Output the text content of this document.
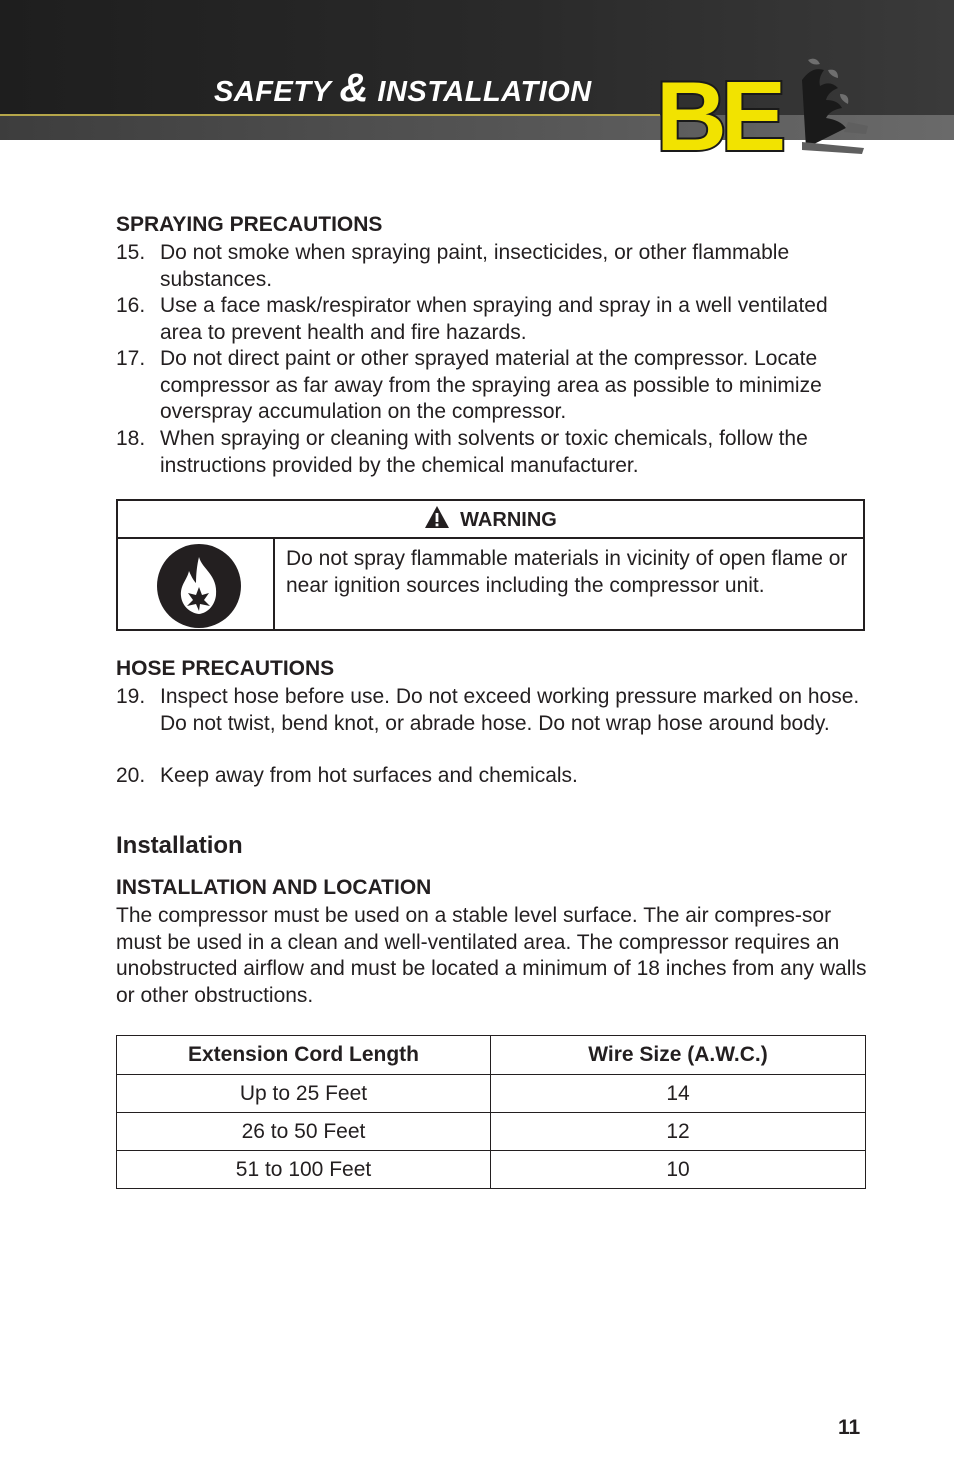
SAFETY & INSTALLATION BE
SPRAYING PRECAUTIONS
15. Do not smoke when spraying paint, insecticides, or other flammable substances.
16. Use a face mask/respirator when spraying and spray in a well ventilated area to prevent health and fire hazards.
17. Do not direct paint or other sprayed material at the compressor. Locate compressor as far away from the spraying area as possible to minimize overspray accumulation on the compressor.
18. When spraying or cleaning with solvents or toxic chemicals, follow the instructions provided by the chemical manufacturer.
WARNING
Do not spray flammable materials in vicinity of open flame or near ignition sources including the compressor unit.
HOSE PRECAUTIONS
19. Inspect hose before use. Do not exceed working pressure marked on hose. Do not twist, bend knot, or abrade hose. Do not wrap hose around body.
20. Keep away from hot surfaces and chemicals.
Installation
INSTALLATION AND LOCATION
The compressor must be used on a stable level surface. The air compres-sor must be used in a clean and well-ventilated area. The compressor requires an unobstructed airflow and must be located a minimum of 18 inches from any walls or other obstructions.
Extension Cord Length	Wire Size (A.W.C.)
Up to 25 Feet	14
26 to 50 Feet	12
51 to 100 Feet	10
11
